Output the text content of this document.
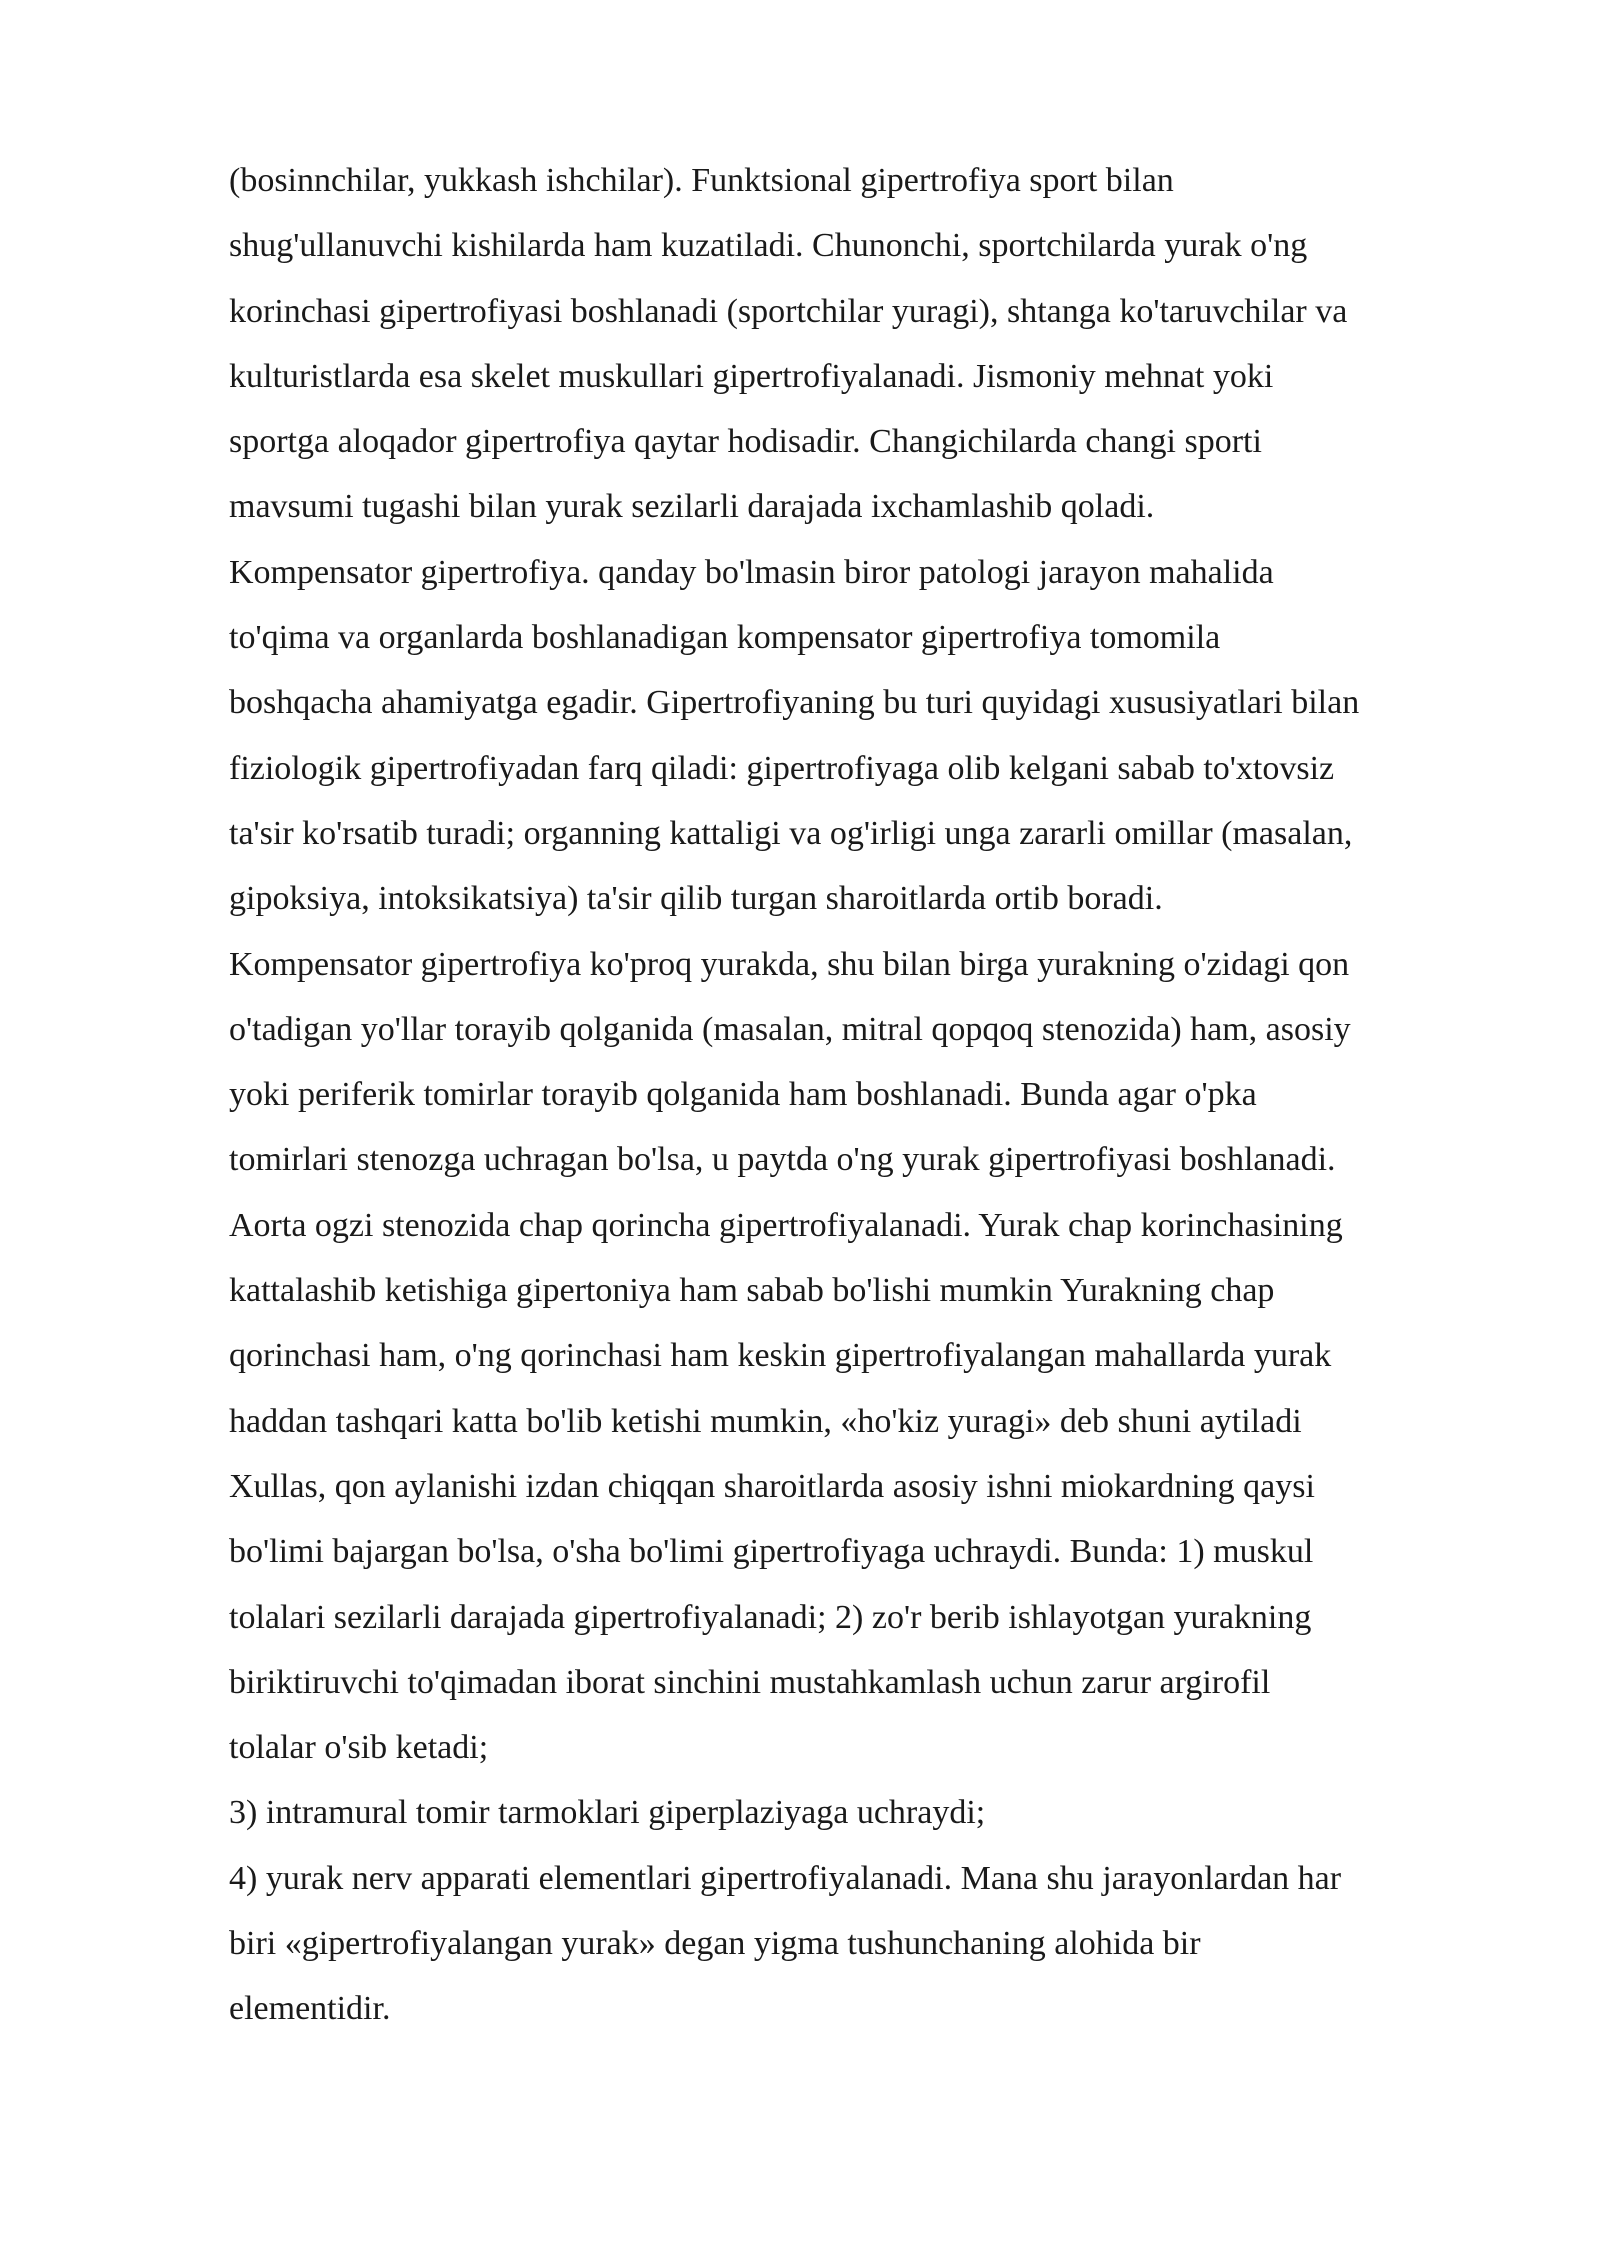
(bosinnchilar, yukkash ishchilar). Funktsional gipertrofiya sport bilan
shug'ullanuvchi kishilarda ham kuzatiladi. Chunonchi, sportchilarda yurak o'ng
korinchasi gipertrofiyasi boshlanadi (sportchilar yuragi), shtanga ko'taruvchilar va
kulturistlarda esa skelet muskullari gipertrofiyalanadi. Jismoniy mehnat yoki
sportga aloqador gipertrofiya qaytar hodisadir. Changichilarda changi sporti
mavsumi tugashi bilan yurak sezilarli darajada ixchamlashib qoladi.
Kompensator gipertrofiya. qanday bo'lmasin biror patologi jarayon mahalida
to'qima va organlarda boshlanadigan kompensator gipertrofiya tomomila
boshqacha ahamiyatga egadir. Gipertrofiyaning bu turi quyidagi xususiyatlari bilan
fiziologik gipertrofiyadan farq qiladi: gipertrofiyaga olib kelgani sabab to'xtovsiz
ta'sir ko'rsatib turadi; organning kattaligi va og'irligi unga zararli omillar (masalan,
gipoksiya, intoksikatsiya) ta'sir qilib turgan sharoitlarda ortib boradi.
Kompensator gipertrofiya ko'proq yurakda, shu bilan birga yurakning o'zidagi qon
o'tadigan yo'llar torayib qolganida (masalan, mitral qopqoq stenozida) ham, asosiy
yoki periferik tomirlar torayib qolganida ham boshlanadi. Bunda agar o'pka
tomirlari stenozga uchragan bo'lsa, u paytda o'ng yurak gipertrofiyasi boshlanadi.
Aorta ogzi stenozida chap qorincha gipertrofiyalanadi. Yurak chap korinchasining
kattalashib ketishiga gipertoniya ham sabab bo'lishi mumkin Yurakning chap
qorinchasi ham, o'ng qorinchasi ham keskin gipertrofiyalangan mahallarda yurak
haddan tashqari katta bo'lib ketishi mumkin, «ho'kiz yuragi» deb shuni aytiladi
Xullas, qon aylanishi izdan chiqqan sharoitlarda asosiy ishni miokardning qaysi
bo'limi bajargan bo'lsa, o'sha bo'limi gipertrofiyaga uchraydi. Bunda: 1) muskul
tolalari sezilarli darajada gipertrofiyalanadi; 2) zo'r berib ishlayotgan yurakning
biriktiruvchi to'qimadan iborat sinchini mustahkamlash uchun zarur argirofil
tolalar o'sib ketadi;
3) intramural tomir tarmoklari giperplaziyaga uchraydi;
4) yurak nerv apparati elementlari gipertrofiyalanadi. Mana shu jarayonlardan har
biri «gipertrofiyalangan yurak» degan yigma tushunchaning alohida bir
elementidir.
